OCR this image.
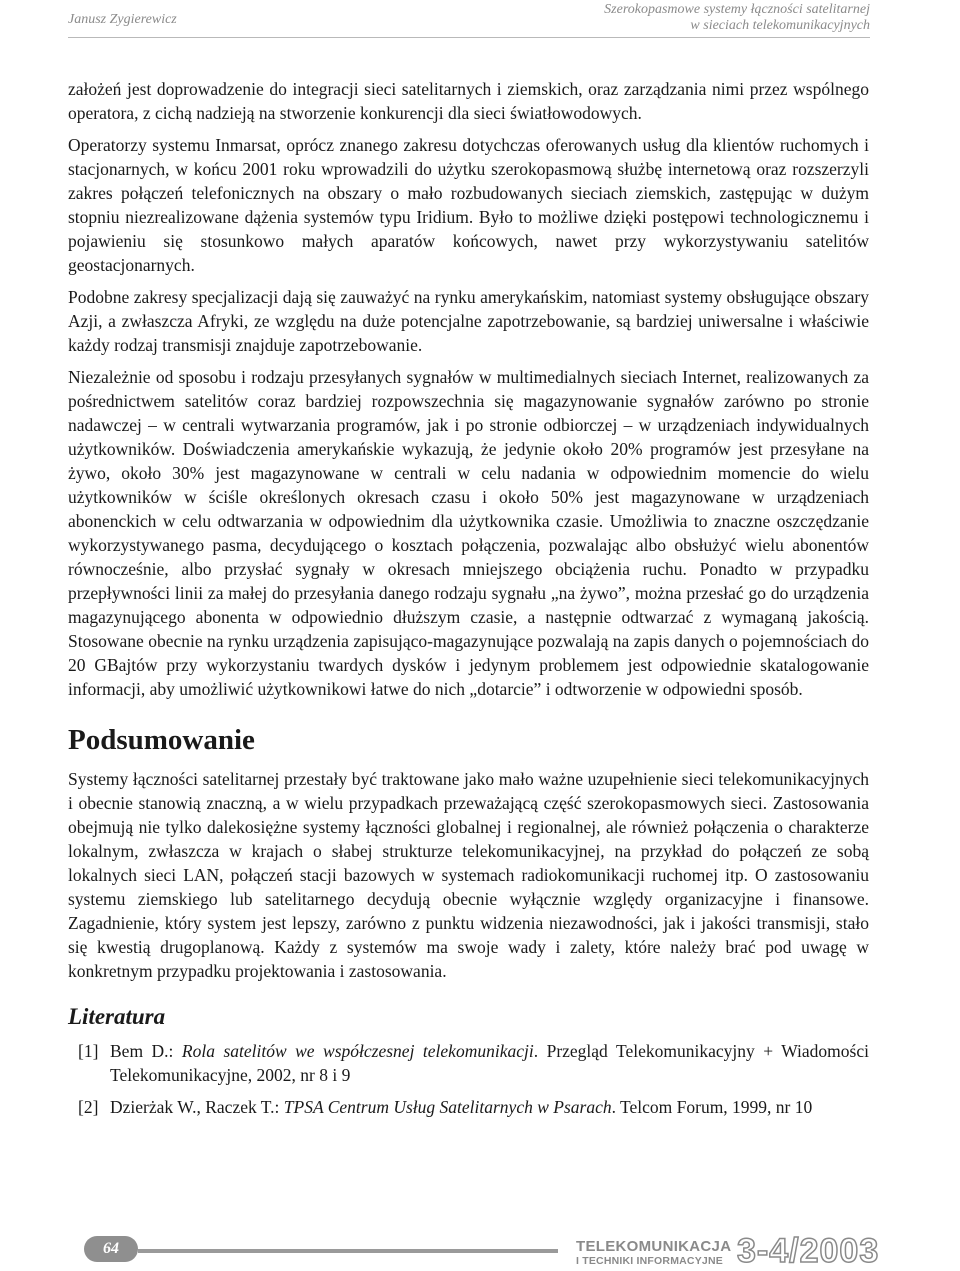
Janusz Zygierewicz
Szerokopasmowe systemy łączności satelitarnej
w sieciach telekomunikacyjnych

założeń jest doprowadzenie do integracji sieci satelitarnych i ziemskich, oraz zarządzania nimi przez wspólnego operatora, z cichą nadzieją na stworzenie konkurencji dla sieci światłowodowych.

Operatorzy systemu Inmarsat, oprócz znanego zakresu dotychczas oferowanych usług dla klientów ruchomych i stacjonarnych, w końcu 2001 roku wprowadzili do użytku szerokopasmową służbę internetową oraz rozszerzyli zakres połączeń telefonicznych na obszary o mało rozbudowanych sieciach ziemskich, zastępując w dużym stopniu niezrealizowane dążenia systemów typu Iridium. Było to możliwe dzięki postępowi technologicznemu i pojawieniu się stosunkowo małych aparatów końcowych, nawet przy wykorzystywaniu satelitów geostacjonarnych.

Podobne zakresy specjalizacji dają się zauważyć na rynku amerykańskim, natomiast systemy obsługujące obszary Azji, a zwłaszcza Afryki, ze względu na duże potencjalne zapotrzebowanie, są bardziej uniwersalne i właściwie każdy rodzaj transmisji znajduje zapotrzebowanie.

Niezależnie od sposobu i rodzaju przesyłanych sygnałów w multimedialnych sieciach Internet, realizowanych za pośrednictwem satelitów coraz bardziej rozpowszechnia się magazynowanie sygnałów zarówno po stronie nadawczej – w centrali wytwarzania programów, jak i po stronie odbiorczej – w urządzeniach indywidualnych użytkowników. Doświadczenia amerykańskie wykazują, że jedynie około 20% programów jest przesyłane na żywo, około 30% jest magazynowane w centrali w celu nadania w odpowiednim momencie do wielu użytkowników w ściśle określonych okresach czasu i około 50% jest magazynowane w urządzeniach abonenckich w celu odtwarzania w odpowiednim dla użytkownika czasie. Umożliwia to znaczne oszczędzanie wykorzystywanego pasma, decydującego o kosztach połączenia, pozwalając albo obsłużyć wielu abonentów równocześnie, albo przysłać sygnały w okresach mniejszego obciążenia ruchu. Ponadto w przypadku przepływności linii za małej do przesyłania danego rodzaju sygnału „na żywo”, można przesłać go do urządzenia magazynującego abonenta w odpowiednio dłuższym czasie, a następnie odtwarzać z wymaganą jakością. Stosowane obecnie na rynku urządzenia zapisująco-magazynujące pozwalają na zapis danych o pojemnościach do 20 GBajtów przy wykorzystaniu twardych dysków i jedynym problemem jest odpowiednie skatalogowanie informacji, aby umożliwić użytkownikowi łatwe do nich „dotarcie” i odtworzenie w odpowiedni sposób.

Podsumowanie

Systemy łączności satelitarnej przestały być traktowane jako mało ważne uzupełnienie sieci telekomunikacyjnych i obecnie stanowią znaczną, a w wielu przypadkach przeważającą część szerokopasmowych sieci. Zastosowania obejmują nie tylko dalekosiężne systemy łączności globalnej i regionalnej, ale również połączenia o charakterze lokalnym, zwłaszcza w krajach o słabej strukturze telekomunikacyjnej, na przykład do połączeń ze sobą lokalnych sieci LAN, połączeń stacji bazowych w systemach radiokomunikacji ruchomej itp. O zastosowaniu systemu ziemskiego lub satelitarnego decydują obecnie wyłącznie względy organizacyjne i finansowe. Zagadnienie, który system jest lepszy, zarówno z punktu widzenia niezawodności, jak i jakości transmisji, stało się kwestią drugoplanową. Każdy z systemów ma swoje wady i zalety, które należy brać pod uwagę w konkretnym przypadku projektowania i zastosowania.

Literatura
[1] Bem D.: Rola satelitów we współczesnej telekomunikacji. Przegląd Telekomunikacyjny + Wiadomości Telekomunikacyjne, 2002, nr 8 i 9
[2] Dzierżak W., Raczek T.: TPSA Centrum Usług Satelitarnych w Psarach. Telcom Forum, 1999, nr 10
64	TELEKOMUNIKACJA
I TECHNIKI INFORMACYJNE 3-4/2003
